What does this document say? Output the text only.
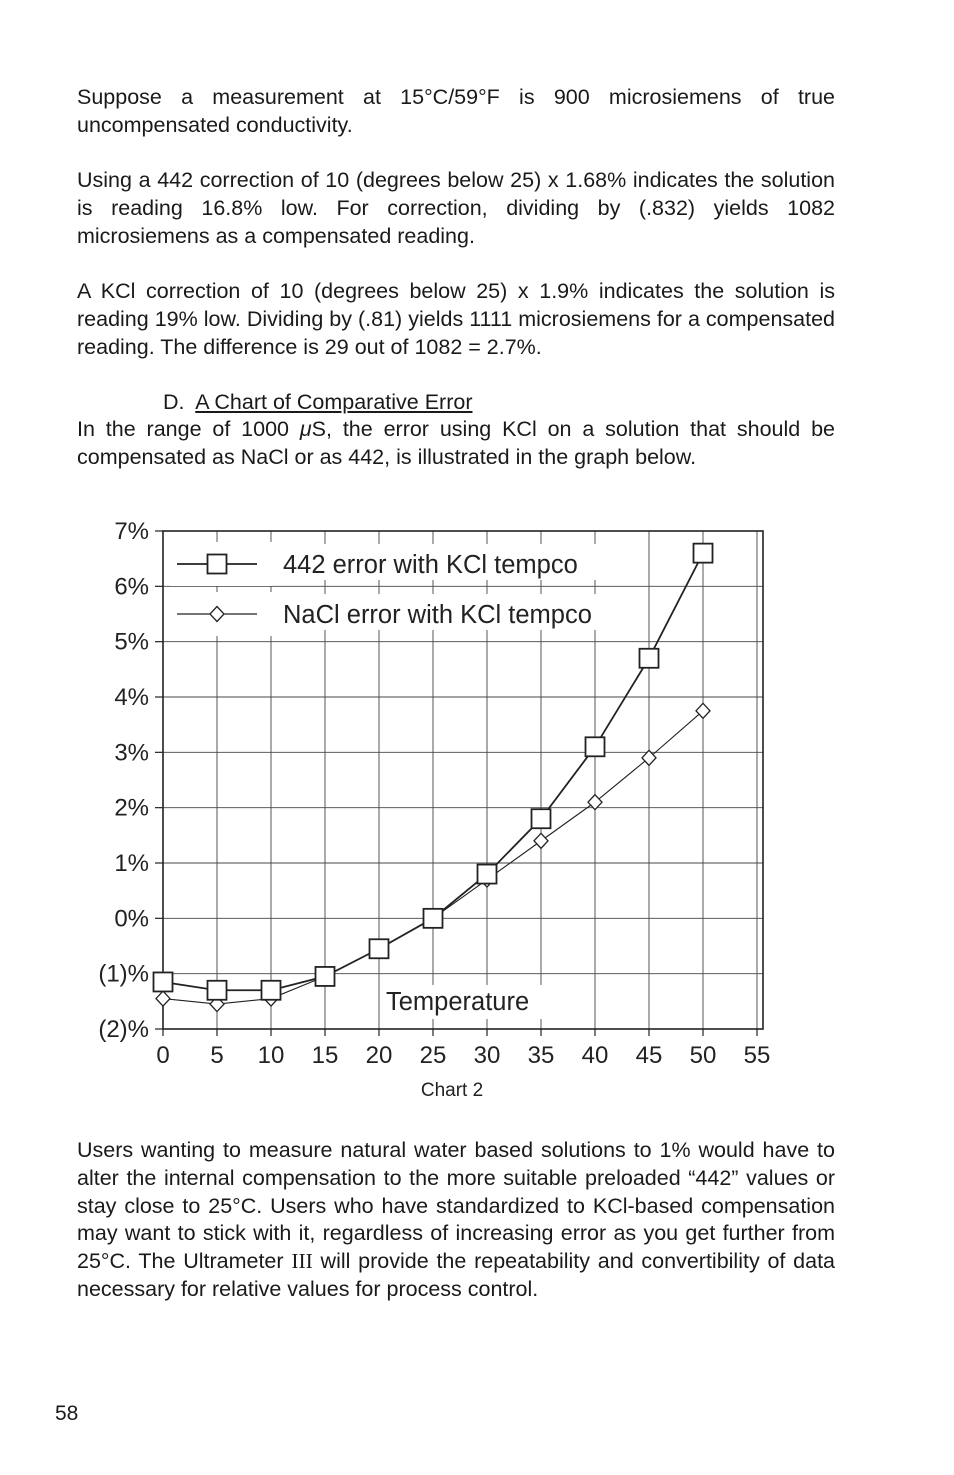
Suppose a measurement at 15°C/59°F is 900 microsiemens of true uncompensated conductivity.

Using a 442 correction of 10 (degrees below 25) x 1.68% indicates the solution is reading 16.8% low. For correction, dividing by (.832) yields 1082 microsiemens as a compensated reading.

A KCl correction of 10 (degrees below 25) x 1.9% indicates the solution is reading 19% low. Dividing by (.81) yields 1111 microsiemens for a compensated reading. The difference is 29 out of 1082 = 2.7%.

D. A Chart of Comparative Error

In the range of 1000 μS, the error using KCl on a solution that should be compensated as NaCl or as 442, is illustrated in the graph below.

0 5 10 15 20 25 30 35 40 45 50 55
7%
6%
5%
4%
3%
2%
1%
0%
(1)%
(2)%
442 error with KCl tempco
NaCl error with KCl tempco
Temperature
Chart 2

Users wanting to measure natural water based solutions to 1% would have to alter the internal compensation to the more suitable preloaded “442” values or stay close to 25°C. Users who have standardized to KCl-based compensation may want to stick with it, regardless of increasing error as you get further from 25°C. The Ultrameter III will provide the repeatability and convertibility of data necessary for relative values for process control.

58
